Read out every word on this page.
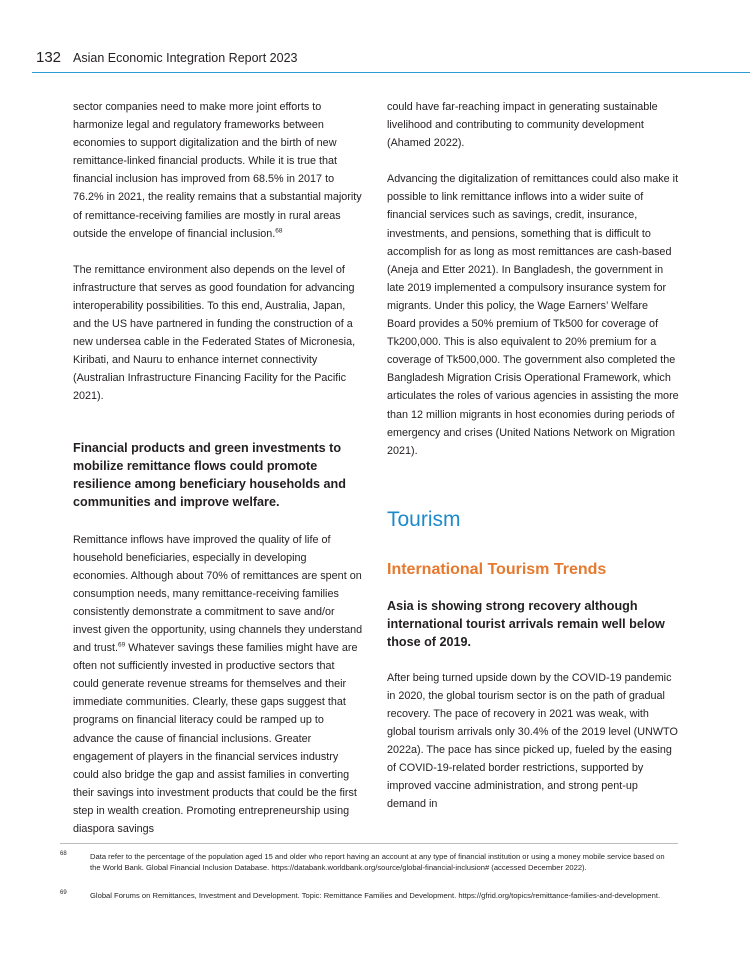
132 Asian Economic Integration Report 2023

sector companies need to make more joint efforts to harmonize legal and regulatory frameworks between economies to support digitalization and the birth of new remittance-linked financial products. While it is true that financial inclusion has improved from 68.5% in 2017 to 76.2% in 2021, the reality remains that a substantial majority of remittance-receiving families are mostly in rural areas outside the envelope of financial inclusion.$^{68}$

The remittance environment also depends on the level of infrastructure that serves as good foundation for advancing interoperability possibilities. To this end, Australia, Japan, and the US have partnered in funding the construction of a new undersea cable in the Federated States of Micronesia, Kiribati, and Nauru to enhance internet connectivity (Australian Infrastructure Financing Facility for the Pacific 2021).

Financial products and green investments to mobilize remittance flows could promote resilience among beneficiary households and communities and improve welfare.

Remittance inflows have improved the quality of life of household beneficiaries, especially in developing economies. Although about 70% of remittances are spent on consumption needs, many remittance-receiving families consistently demonstrate a commitment to save and/or invest given the opportunity, using channels they understand and trust.$^{69}$ Whatever savings these families might have are often not sufficiently invested in productive sectors that could generate revenue streams for themselves and their immediate communities. Clearly, these gaps suggest that programs on financial literacy could be ramped up to advance the cause of financial inclusions. Greater engagement of players in the financial services industry could also bridge the gap and assist families in converting their savings into investment products that could be the first step in wealth creation. Promoting entrepreneurship using diaspora savings

could have far-reaching impact in generating sustainable livelihood and contributing to community development (Ahamed 2022).

Advancing the digitalization of remittances could also make it possible to link remittance inflows into a wider suite of financial services such as savings, credit, insurance, investments, and pensions, something that is difficult to accomplish for as long as most remittances are cash-based (Aneja and Etter 2021). In Bangladesh, the government in late 2019 implemented a compulsory insurance system for migrants. Under this policy, the Wage Earners’ Welfare Board provides a 50% premium of Tk500 for coverage of Tk200,000. This is also equivalent to 20% premium for a coverage of Tk500,000. The government also completed the Bangladesh Migration Crisis Operational Framework, which articulates the roles of various agencies in assisting the more than 12 million migrants in host economies during periods of emergency and crises (United Nations Network on Migration 2021).

Tourism
International Tourism Trends
Asia is showing strong recovery although international tourist arrivals remain well below those of 2019.

After being turned upside down by the COVID-19 pandemic in 2020, the global tourism sector is on the path of gradual recovery. The pace of recovery in 2021 was weak, with global tourism arrivals only 30.4% of the 2019 level (UNWTO 2022a). The pace has since picked up, fueled by the easing of COVID-19-related border restrictions, supported by improved vaccine administration, and strong pent-up demand in

68	Data refer to the percentage of the population aged 15 and older who report having an account at any type of financial institution or using a money mobile service based on the World Bank. Global Financial Inclusion Database. https://databank.worldbank.org/source/global-financial-inclusion# (accessed December 2022).
69	Global Forums on Remittances, Investment and Development. Topic: Remittance Families and Development. https://gfrid.org/topics/remittance-families-and-development.
